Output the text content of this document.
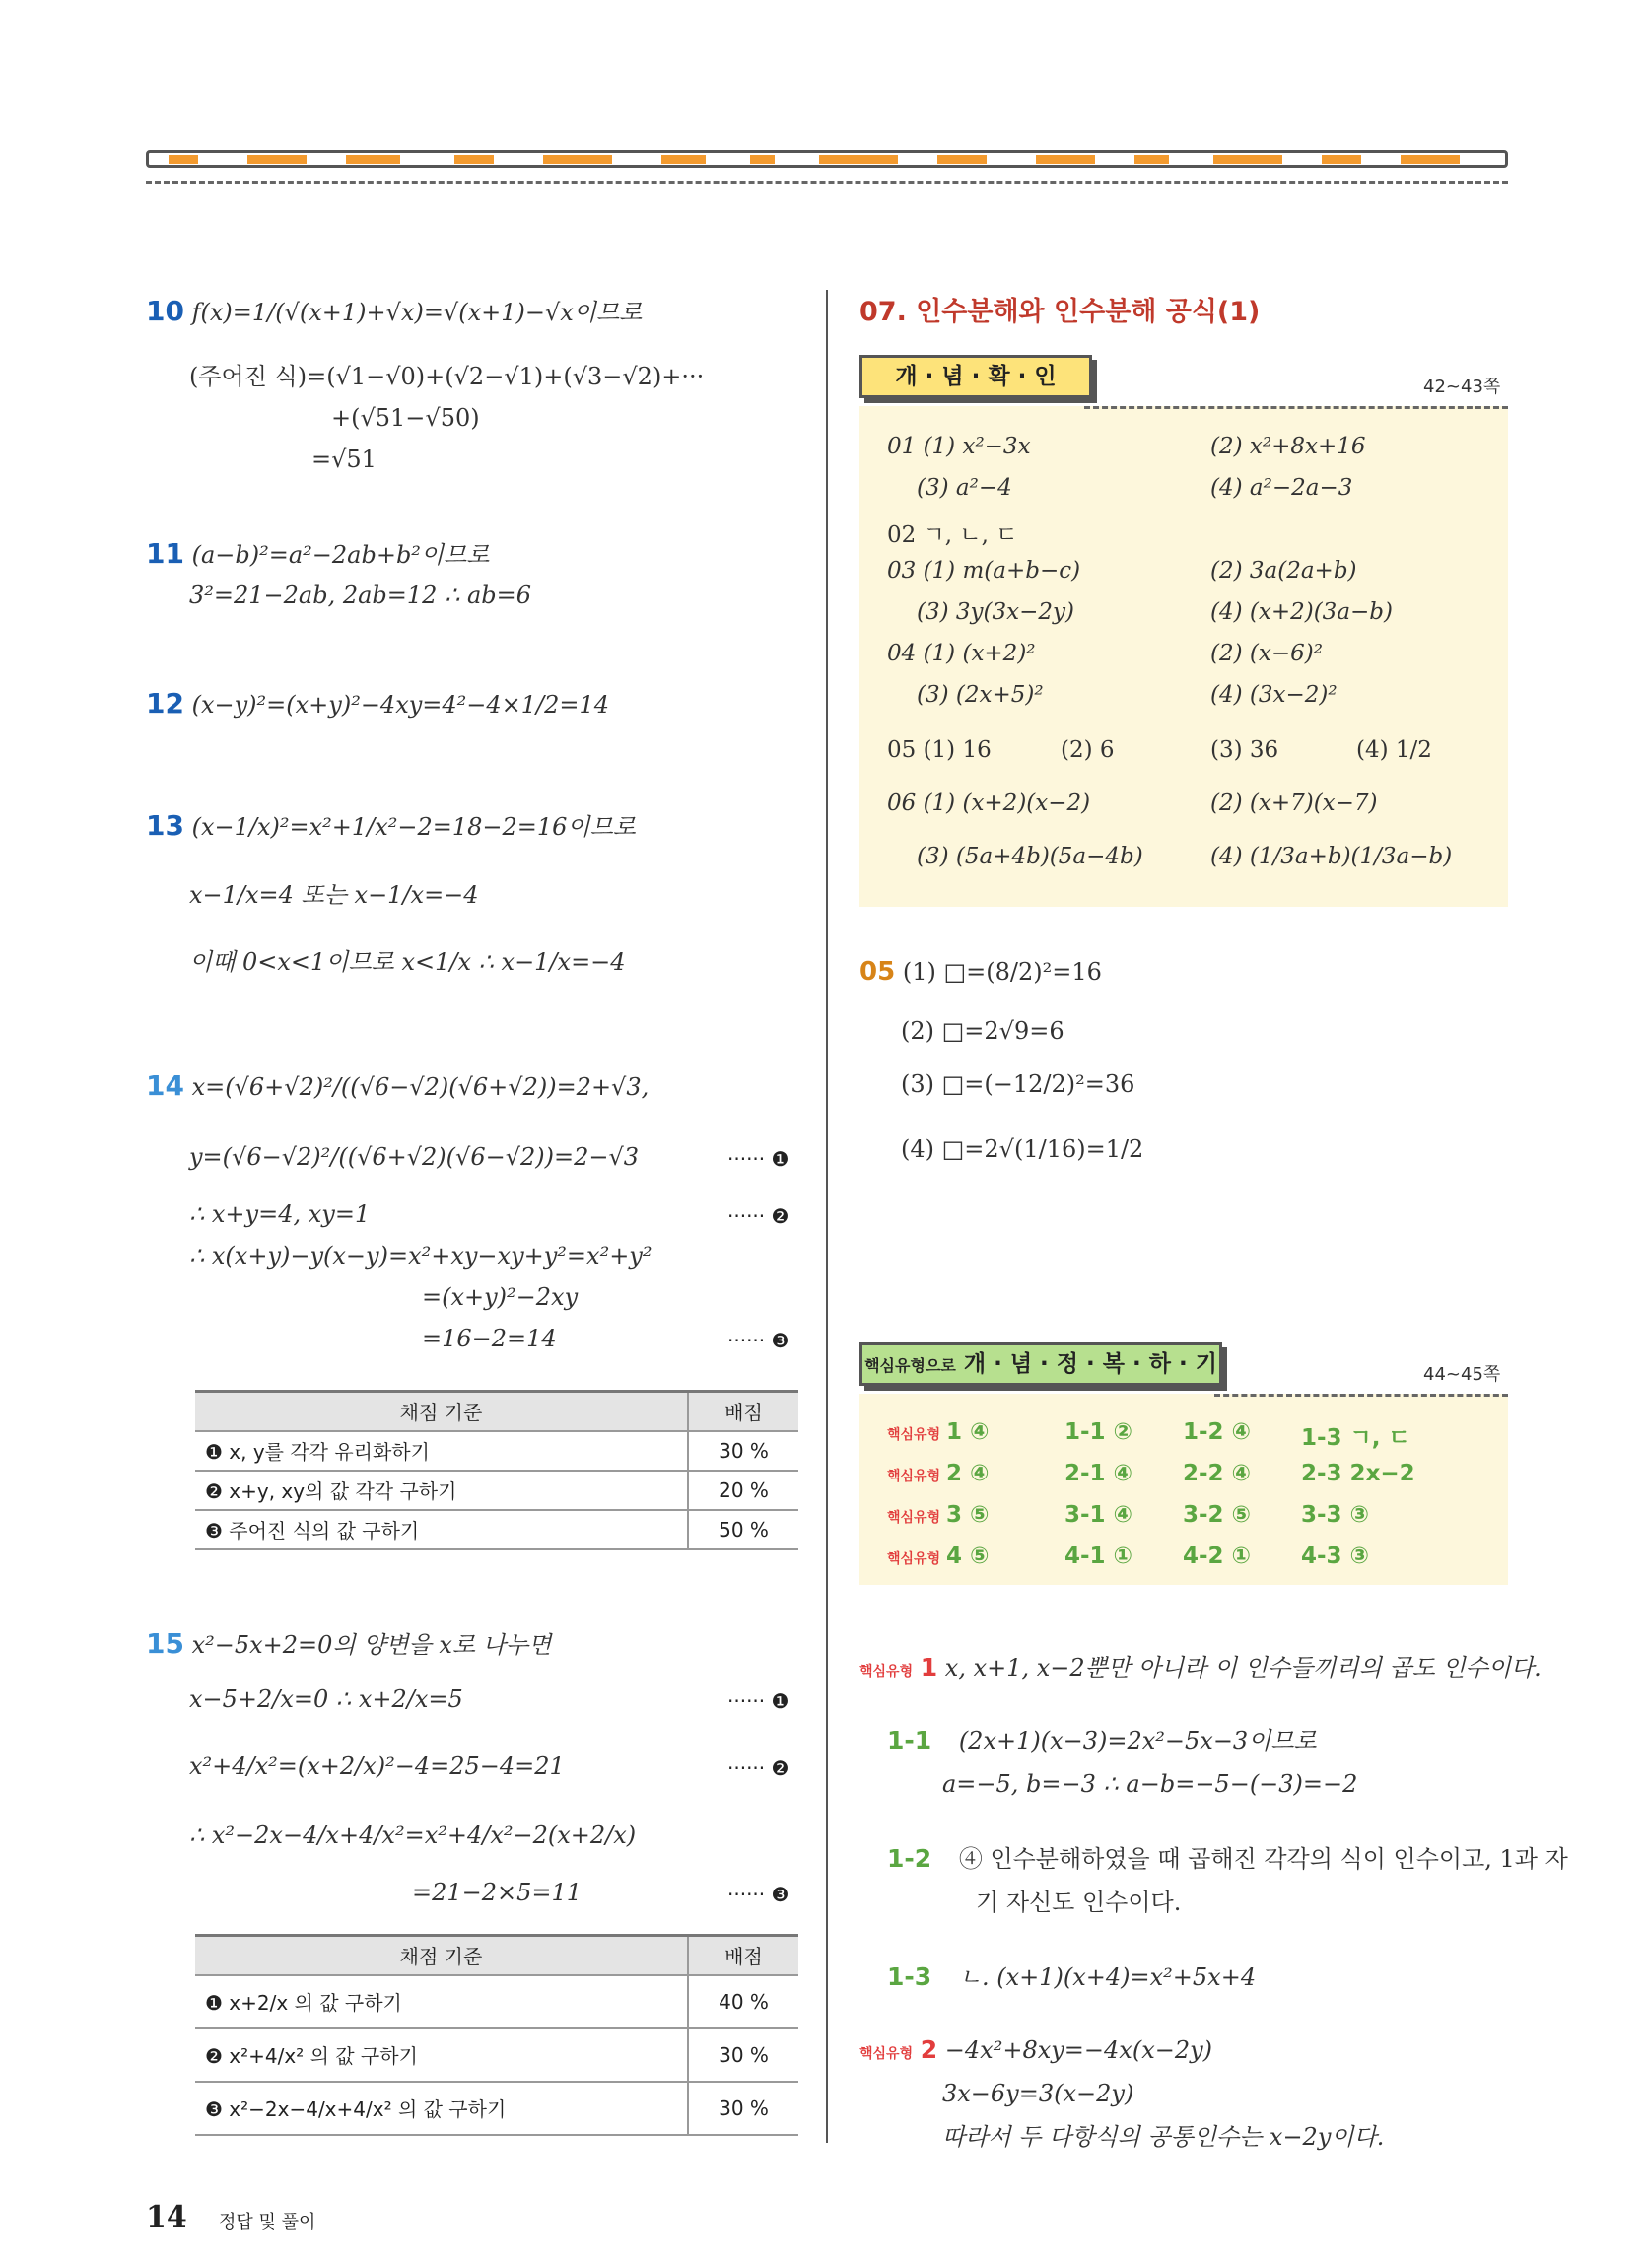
10 f(x)=1/(√(x+1)+√x)=√(x+1)−√x이므로
(주어진 식)=(√1−√0)+(√2−√1)+(√3−√2)+···
+(√51−√50)
=√51
11 (a−b)²=a²−2ab+b²이므로
3²=21−2ab, 2ab=12 ∴ ab=6
12 (x−y)²=(x+y)²−4xy=4²−4×1/2=14
13 (x−1/x)²=x²+1/x²−2=18−2=16이므로
x−1/x=4 또는 x−1/x=−4
이때 0<x<1이므로 x<1/x ∴ x−1/x=−4
14 x=(√6+√2)²/((√6−√2)(√6+√2))=2+√3,
y=(√6−√2)²/((√6+√2)(√6−√2))=2−√3	······ ❶
∴ x+y=4, xy=1	······ ❷
∴ x(x+y)−y(x−y)=x²+xy−xy+y²=x²+y²
=(x+y)²−2xy
=16−2=14	······ ❸
채점 기준	배점
❶ x, y를 각각 유리화하기	30 %
❷ x+y, xy의 값 각각 구하기	20 %
❸ 주어진 식의 값 구하기	50 %
15 x²−5x+2=0의 양변을 x로 나누면
x−5+2/x=0 ∴ x+2/x=5	······ ❶
x²+4/x²=(x+2/x)²−4=25−4=21	······ ❷
∴ x²−2x−4/x+4/x²=x²+4/x²−2(x+2/x)
=21−2×5=11	······ ❸
채점 기준	배점
❶ x+2/x 의 값 구하기	40 %
❷ x²+4/x² 의 값 구하기	30 %
❸ x²−2x−4/x+4/x² 의 값 구하기	30 %
14 정답 및 풀이
07. 인수분해와 인수분해 공식(1)
개 · 념 · 확 · 인	42~43쪽
01 (1) x²−3x	(2) x²+8x+16
(3) a²−4	(4) a²−2a−3
02 ㄱ, ㄴ, ㄷ
03 (1) m(a+b−c)	(2) 3a(2a+b)
(3) 3y(3x−2y)	(4) (x+2)(3a−b)
04 (1) (x+2)²	(2) (x−6)²
(3) (2x+5)²	(4) (3x−2)²
05 (1) 16	(2) 6	(3) 36	(4) 1/2
06 (1) (x+2)(x−2)	(2) (x+7)(x−7)
(3) (5a+4b)(5a−4b)	(4) (1/3a+b)(1/3a−b)
05 (1) □=(8/2)²=16
(2) □=2√9=6
(3) □=(−12/2)²=36
(4) □=2√(1/16)=1/2
핵심유형으로 개 · 념 · 정 · 복 · 하 · 기	44~45쪽
핵심유형 1 ④	1-1 ② 1-2 ④ 1-3 ㄱ, ㄷ
핵심유형 2 ④	2-1 ④ 2-2 ④ 2-3 2x−2
핵심유형 3 ⑤	3-1 ④ 3-2 ⑤ 3-3 ③
핵심유형 4 ⑤	4-1 ① 4-2 ① 4-3 ③
핵심유형 1 x, x+1, x−2뿐만 아니라 이 인수들끼리의 곱도 인수이다.
1-1 (2x+1)(x−3)=2x²−5x−3이므로
a=−5, b=−3 ∴ a−b=−5−(−3)=−2
1-2 ④ 인수분해하였을 때 곱해진 각각의 식이 인수이고, 1과 자
기 자신도 인수이다.
1-3 ㄴ. (x+1)(x+4)=x²+5x+4
핵심유형 2 −4x²+8xy=−4x(x−2y)
3x−6y=3(x−2y)
따라서 두 다항식의 공통인수는 x−2y이다.
